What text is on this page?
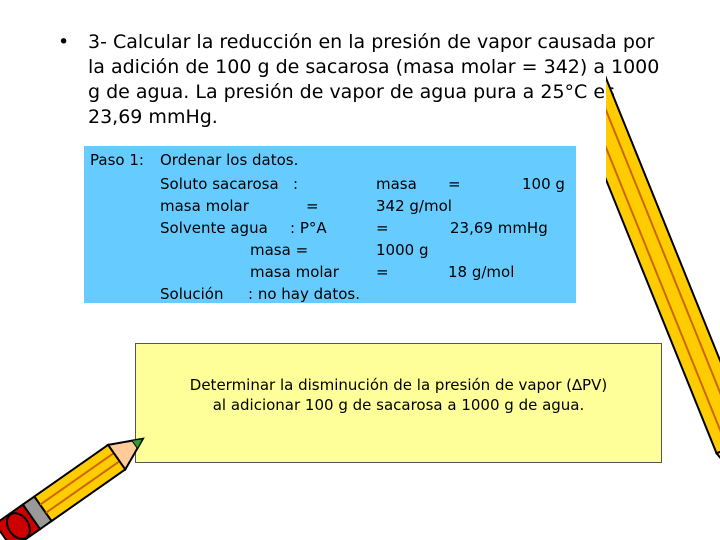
• 3- Calcular la reducción en la presión de vapor causada por la adición de 100 g de sacarosa (masa molar = 342) a 1000 g de agua. La presión de vapor de agua pura a 25°C es 23,69 mmHg.
Paso 1: Ordenar los datos.
Soluto sacarosa   :	masa =	100 g
masa molar	=	342 g/mol
Solvente agua : P°A	=	23,69 mmHg
masa =	1000 g
masa molar =	18 g/mol
Solución : no hay datos.
Determinar la disminución de la presión de vapor (∆PV)
al adicionar 100 g de sacarosa a 1000 g de agua.
